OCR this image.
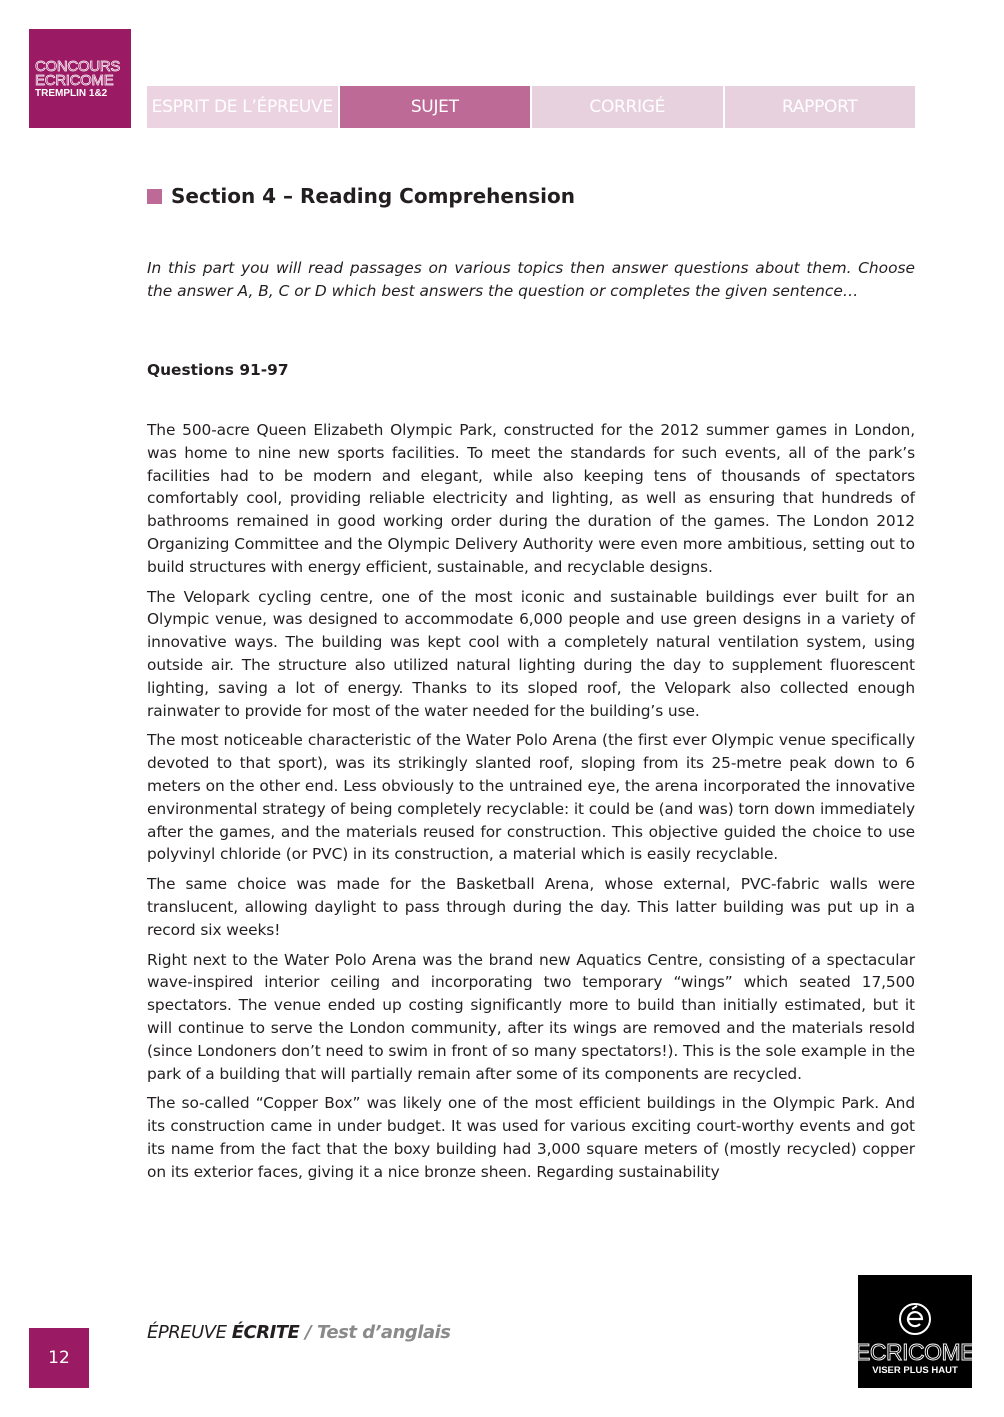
CONCOURS
ECRICOME
TREMPLIN 1&2
ESPRIT DE L’ÉPREUVE	SUJET	CORRIGÉ	RAPPORT
Section 4 – Reading Comprehension

In this part you will read passages on various topics then answer questions about them. Choose the answer A, B, C or D which best answers the question or completes the given sentence…

Questions 91-97

The 500-acre Queen Elizabeth Olympic Park, constructed for the 2012 summer games in London, was home to nine new sports facilities. To meet the standards for such events, all of the park’s facilities had to be modern and elegant, while also keeping tens of thousands of spectators comfortably cool, providing reliable electricity and lighting, as well as ensuring that hundreds of bathrooms remained in good working order during the duration of the games. The London 2012 Organizing Committee and the Olympic Delivery Authority were even more ambitious, setting out to build structures with energy efficient, sustainable, and recyclable designs.

The Velopark cycling centre, one of the most iconic and sustainable buildings ever built for an Olympic venue, was designed to accommodate 6,000 people and use green designs in a variety of innovative ways. The building was kept cool with a completely natural ventilation system, using outside air. The structure also utilized natural lighting during the day to supplement fluorescent lighting, saving a lot of energy. Thanks to its sloped roof, the Velopark also collected enough rainwater to provide for most of the water needed for the building’s use.

The most noticeable characteristic of the Water Polo Arena (the first ever Olympic venue specifically devoted to that sport), was its strikingly slanted roof, sloping from its 25-metre peak down to 6 meters on the other end. Less obviously to the untrained eye, the arena incorporated the innovative environmental strategy of being completely recyclable: it could be (and was) torn down immediately after the games, and the materials reused for construction. This objective guided the choice to use polyvinyl chloride (or PVC) in its construction, a material which is easily recyclable.

The same choice was made for the Basketball Arena, whose external, PVC-fabric walls were translucent, allowing daylight to pass through during the day. This latter building was put up in a record six weeks!

Right next to the Water Polo Arena was the brand new Aquatics Centre, consisting of a spectacular wave-inspired interior ceiling and incorporating two temporary “wings” which seated 17,500 spectators. The venue ended up costing significantly more to build than initially estimated, but it will continue to serve the London community, after its wings are removed and the materials resold (since Londoners don’t need to swim in front of so many spectators!). This is the sole example in the park of a building that will partially remain after some of its components are recycled.

The so-called “Copper Box” was likely one of the most efficient buildings in the Olympic Park. And its construction came in under budget. It was used for various exciting court-worthy events and got its name from the fact that the boxy building had 3,000 square meters of (mostly recycled) copper on its exterior faces, giving it a nice bronze sheen. Regarding sustainability

12
ÉPREUVE ÉCRITE / Test d’anglais
ECRICOME
VISER PLUS HAUT
